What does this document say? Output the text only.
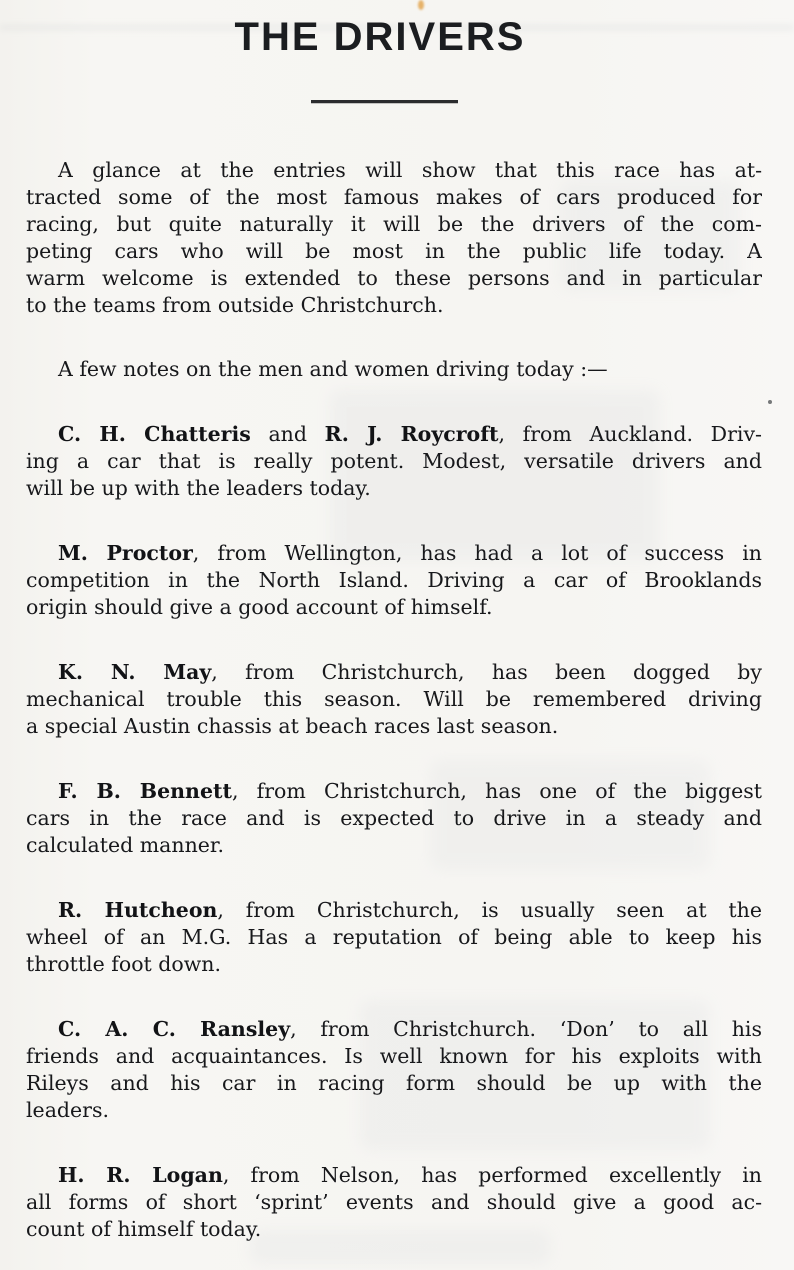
THE DRIVERS
A glance at the entries will show that this race has at-
tracted some of the most famous makes of cars produced for
racing, but quite naturally it will be the drivers of the com-
peting cars who will be most in the public life today. A
warm welcome is extended to these persons and in particular
to the teams from outside Christchurch.
A few notes on the men and women driving today :—
C. H. Chatteris and R. J. Roycroft, from Auckland. Driv-
ing a car that is really potent. Modest, versatile drivers and
will be up with the leaders today.
M. Proctor, from Wellington, has had a lot of success in
competition in the North Island. Driving a car of Brooklands
origin should give a good account of himself.
K. N. May, from Christchurch, has been dogged by
mechanical trouble this season. Will be remembered driving
a special Austin chassis at beach races last season.
F. B. Bennett, from Christchurch, has one of the biggest
cars in the race and is expected to drive in a steady and
calculated manner.
R. Hutcheon, from Christchurch, is usually seen at the
wheel of an M.G. Has a reputation of being able to keep his
throttle foot down.
C. A. C. Ransley, from Christchurch. ‘Don’ to all his
friends and acquaintances. Is well known for his exploits with
Rileys and his car in racing form should be up with the
leaders.
H. R. Logan, from Nelson, has performed excellently in
all forms of short ‘sprint’ events and should give a good ac-
count of himself today.
